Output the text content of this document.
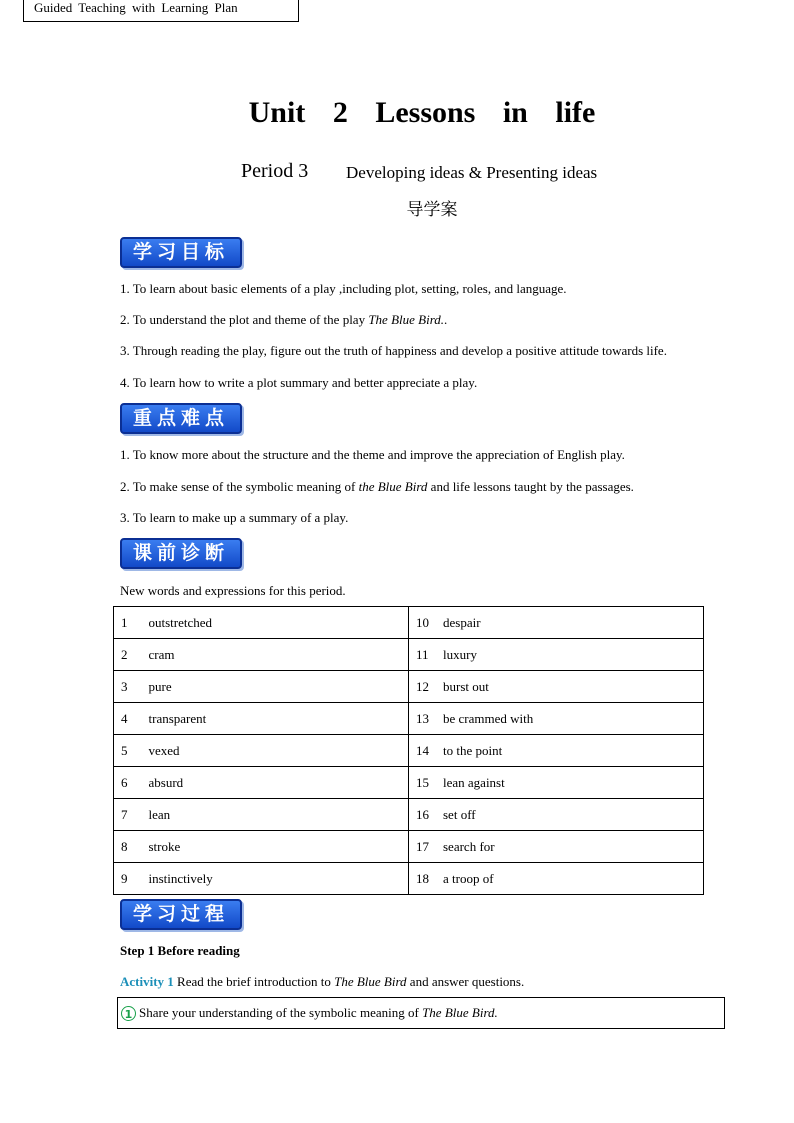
Guided Teaching with Learning Plan
Unit 2 Lessons in life
Period 3 Developing ideas & Presenting ideas
导学案
学习目标
1. To learn about basic elements of a play ,including plot, setting, roles, and language.
2. To understand the plot and theme of the play The Blue Bird..
3. Through reading the play, figure out the truth of happiness and develop a positive attitude towards life.
4. To learn how to write a plot summary and better appreciate a play.
重点难点
1. To know more about the structure and the theme and improve the appreciation of English play.
2. To make sense of the symbolic meaning of the Blue Bird and life lessons taught by the passages.
3. To learn to make up a summary of a play.
课前诊断
New words and expressions for this period.
1 outstretched	10 despair
2 cram	11 luxury
3 pure	12 burst out
4 transparent	13 be crammed with
5 vexed	14 to the point
6 absurd	15 lean against
7 lean	16 set off
8 stroke	17 search for
9 instinctively	18 a troop of
学习过程
Step 1 Before reading
Activity 1 Read the brief introduction to The Blue Bird and answer questions.
1 Share your understanding of the symbolic meaning of The Blue Bird.
